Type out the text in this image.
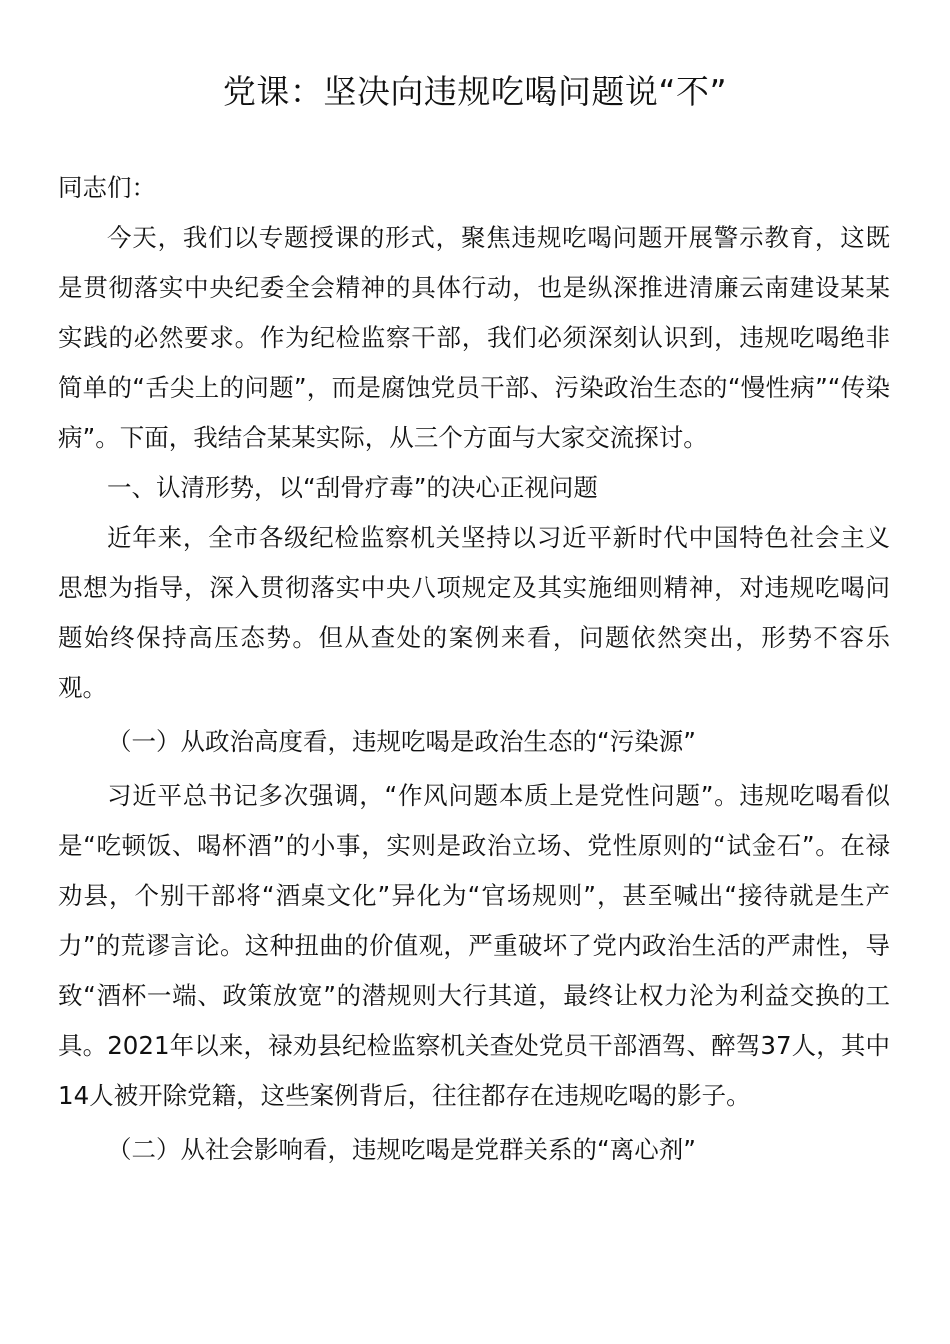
党课：坚决向违规吃喝问题说“不”

同志们：

今天，我们以专题授课的形式，聚焦违规吃喝问题开展警示教育，这既是贯彻落实中央纪委全会精神的具体行动，也是纵深推进清廉云南建设某某实践的必然要求。作为纪检监察干部，我们必须深刻认识到，违规吃喝绝非简单的“舌尖上的问题”，而是腐蚀党员干部、污染政治生态的“慢性病”“传染病”。下面，我结合某某实际，从三个方面与大家交流探讨。

一、认清形势，以“刮骨疗毒”的决心正视问题

近年来，全市各级纪检监察机关坚持以习近平新时代中国特色社会主义思想为指导，深入贯彻落实中央八项规定及其实施细则精神，对违规吃喝问题始终保持高压态势。但从查处的案例来看，问题依然突出，形势不容乐观。

（一）从政治高度看，违规吃喝是政治生态的“污染源”

习近平总书记多次强调，“作风问题本质上是党性问题”。违规吃喝看似是“吃顿饭、喝杯酒”的小事，实则是政治立场、党性原则的“试金石”。在禄劝县，个别干部将“酒桌文化”异化为“官场规则”，甚至喊出“接待就是生产力”的荒谬言论。这种扭曲的价值观，严重破坏了党内政治生活的严肃性，导致“酒杯一端、政策放宽”的潜规则大行其道，最终让权力沦为利益交换的工具。2021年以来，禄劝县纪检监察机关查处党员干部酒驾、醉驾37人，其中14人被开除党籍，这些案例背后，往往都存在违规吃喝的影子。

（二）从社会影响看，违规吃喝是党群关系的“离心剂”
